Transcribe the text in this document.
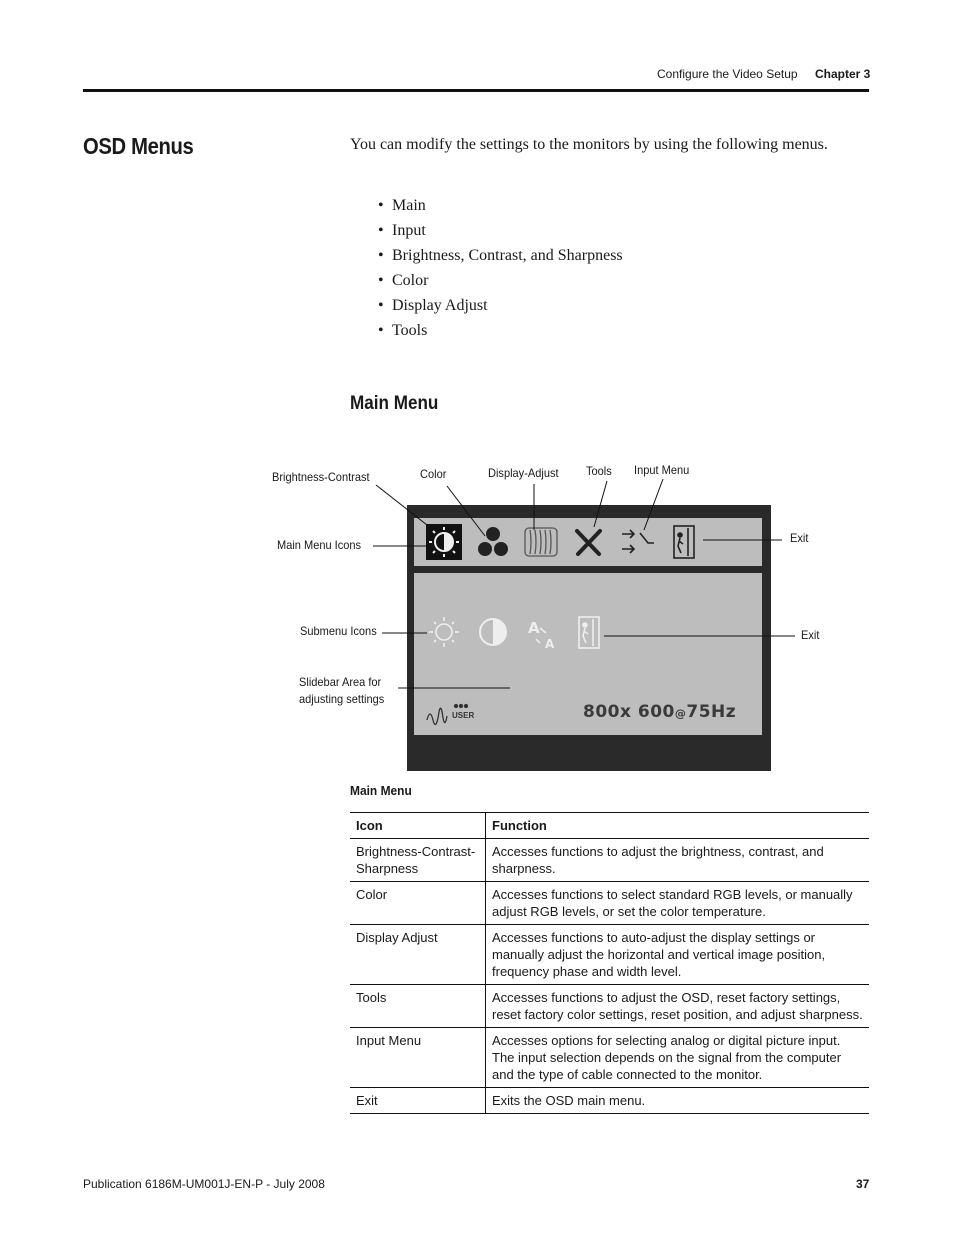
Configure the Video Setup Chapter 3
OSD Menus	You can modify the settings to the monitors by using the following menus.
• Main
• Input
• Brightness, Contrast, and Sharpness
• Color
• Display Adjust
• Tools
Main Menu
A
A
USER	800x 600@75Hz
Brightness-Contrast	Color	Display-Adjust Tools Input Menu
Main Menu Icons	Exit
Submenu Icons	Exit
Slidebar Area for
adjusting settings
Main Menu
Icon	Function
Brightness-Contrast-Sharpness	Accesses functions to adjust the brightness, contrast, and sharpness.
Color	Accesses functions to select standard RGB levels, or manually adjust RGB levels, or set the color temperature.
Display Adjust	Accesses functions to auto-adjust the display settings or manually adjust the horizontal and vertical image position, frequency phase and width level.
Tools	Accesses functions to adjust the OSD, reset factory settings, reset factory color settings, reset position, and adjust sharpness.
Input Menu	Accesses options for selecting analog or digital picture input. The input selection depends on the signal from the computer and the type of cable connected to the monitor.
Exit	Exits the OSD main menu.
Publication 6186M-UM001J-EN-P - July 2008	37
